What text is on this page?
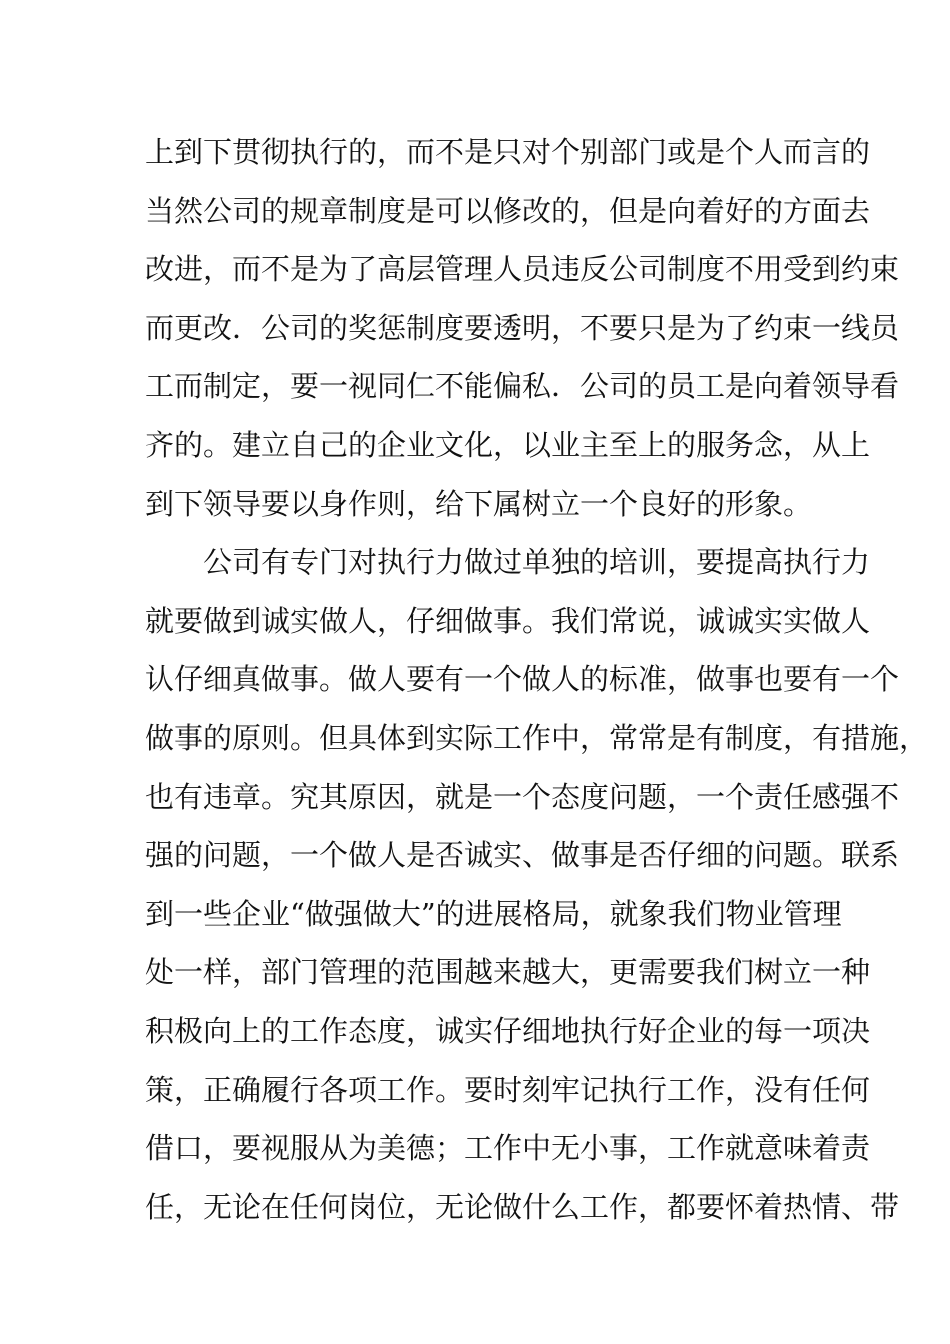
上到下贯彻执行的，而不是只对个别部门或是个人而言的
当然公司的规章制度是可以修改的，但是向着好的方面去
改进，而不是为了高层管理人员违反公司制度不用受到约束
而更改．公司的奖惩制度要透明，不要只是为了约束一线员
工而制定，要一视同仁不能偏私．公司的员工是向着领导看
齐的。建立自己的企业文化，以业主至上的服务念，从上
到下领导要以身作则，给下属树立一个良好的形象。
公司有专门对执行力做过单独的培训，要提高执行力
就要做到诚实做人，仔细做事。我们常说，诚诚实实做人
认仔细真做事。做人要有一个做人的标准，做事也要有一个
做事的原则。但具体到实际工作中，常常是有制度，有措施，
也有违章。究其原因，就是一个态度问题，一个责任感强不
强的问题，一个做人是否诚实、做事是否仔细的问题。联系
到一些企业“做强做大”的进展格局，就象我们物业管理
处一样，部门管理的范围越来越大，更需要我们树立一种
积极向上的工作态度，诚实仔细地执行好企业的每一项决
策，正确履行各项工作。要时刻牢记执行工作，没有任何
借口，要视服从为美德；工作中无小事，工作就意味着责
任，无论在任何岗位，无论做什么工作，都要怀着热情、带
